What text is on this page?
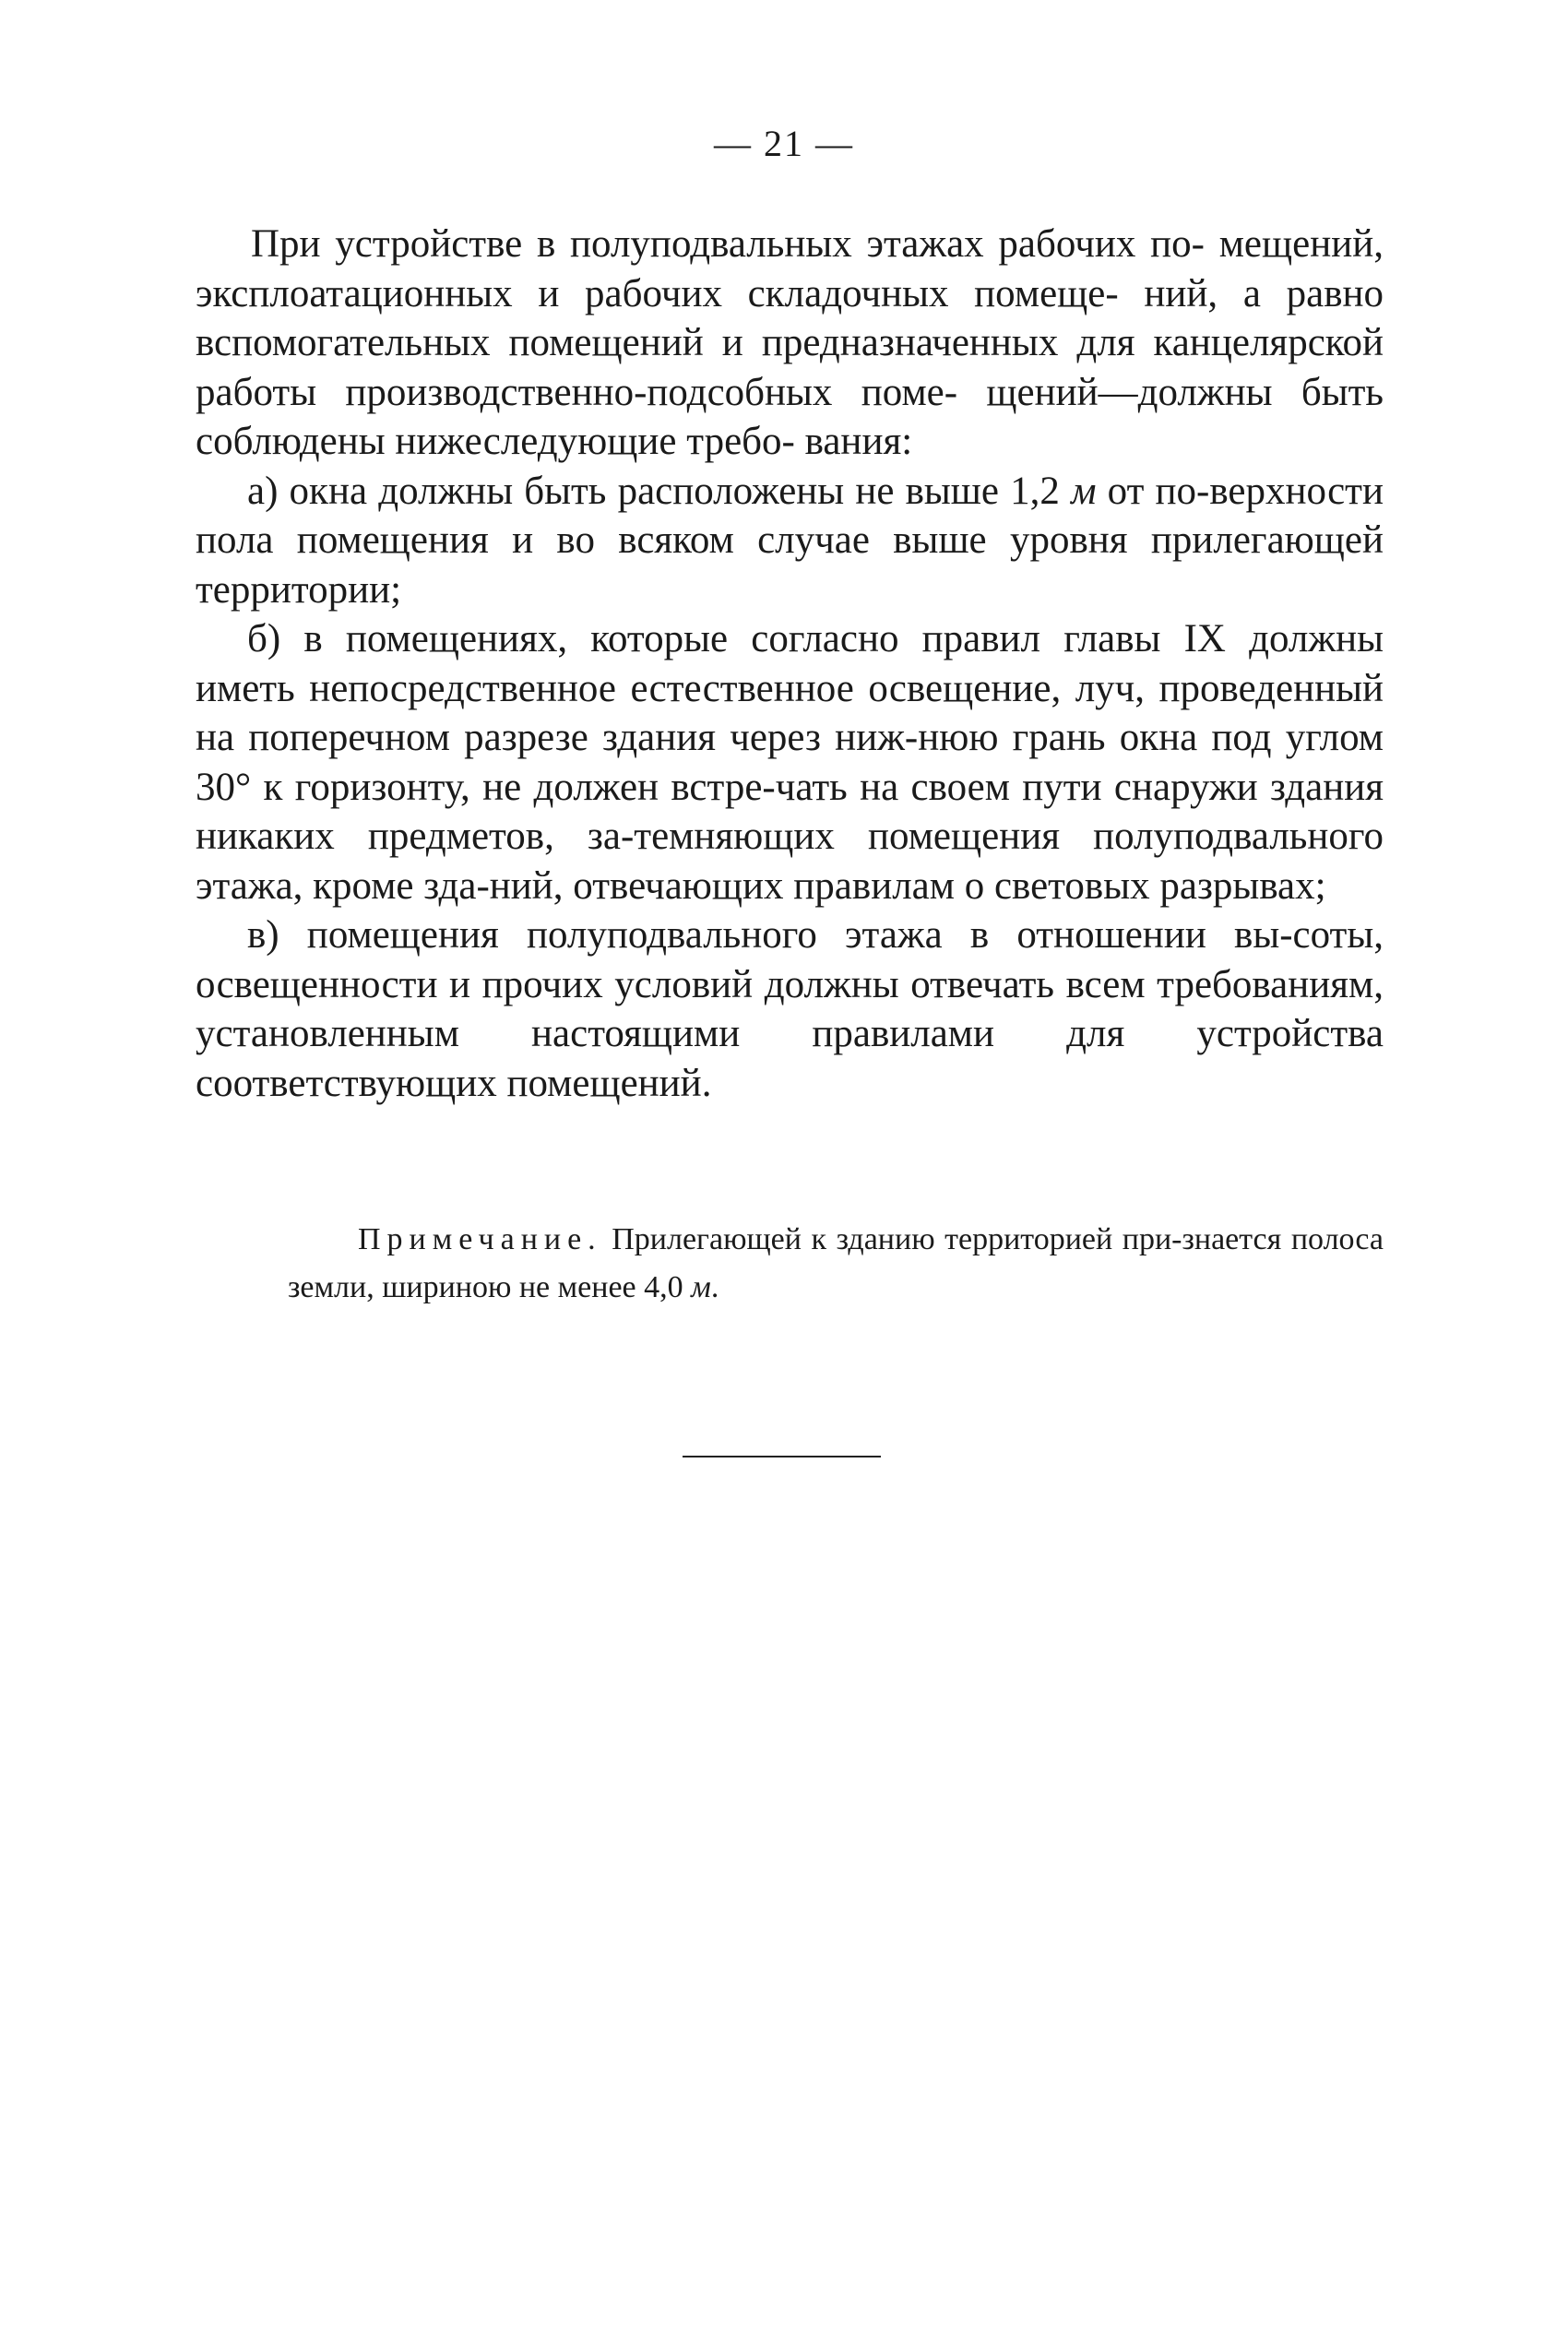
— 21 —

При устройстве в полуподвальных этажах рабочих по- мещений, эксплоатационных и рабочих складочных помеще- ний, а равно вспомогательных помещений и предназначенных для канцелярской работы производственно-подсобных поме- щений—должны быть соблюдены нижеследующие требо- вания:

а) окна должны быть расположены не выше 1,2 м от по-верхности пола помещения и во всяком случае выше уровня прилегающей территории;

б) в помещениях, которые согласно правил главы IX должны иметь непосредственное естественное освещение, луч, проведенный на поперечном разрезе здания через ниж-нюю грань окна под углом 30° к горизонту, не должен встре-чать на своем пути снаружи здания никаких предметов, за-темняющих помещения полуподвального этажа, кроме зда-ний, отвечающих правилам о световых разрывах;

в) помещения полуподвального этажа в отношении вы-соты, освещенности и прочих условий должны отвечать всем требованиям, установленным настоящими правилами для устройства соответствующих помещений.

Примечание. Прилегающей к зданию территорией при-знается полоса земли, шириною не менее 4,0 м.
